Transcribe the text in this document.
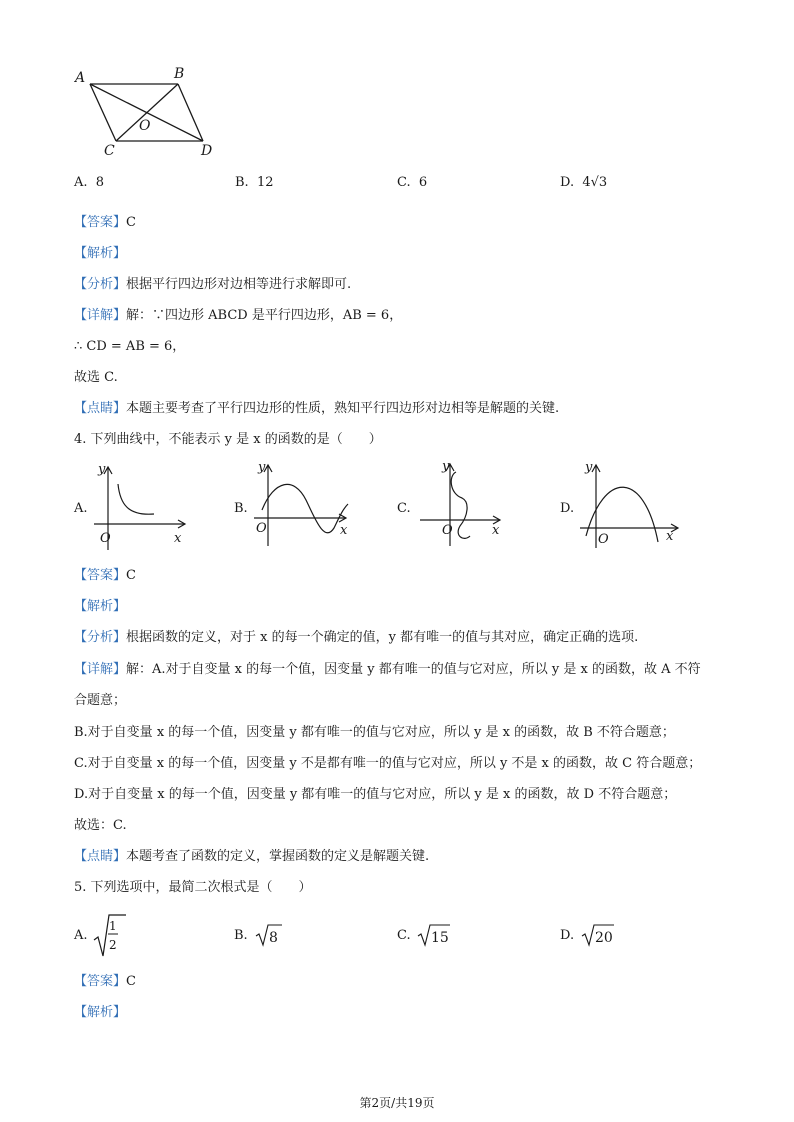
A	B
O
C	D
A. 8	B. 12	C. 6	D. 4√3
【答案】C
【解析】
【分析】根据平行四边形对边相等进行求解即可.
【详解】解：∵四边形 ABCD 是平行四边形，AB = 6，
∴ CD = AB = 6，
故选 C.
【点睛】本题主要考查了平行四边形的性质，熟知平行四边形对边相等是解题的关键.
4. 下列曲线中，不能表示 y 是 x 的函数的是（　　）
A.
y
O	x
B.
y
O	x
C.
y
O	x
D.
y
O	x
【答案】C
【解析】
【分析】根据函数的定义，对于 x 的每一个确定的值，y 都有唯一的值与其对应，确定正确的选项.
【详解】解：A.对于自变量 x 的每一个值，因变量 y 都有唯一的值与它对应，所以 y 是 x 的函数，故 A 不符
合题意；
B.对于自变量 x 的每一个值，因变量 y 都有唯一的值与它对应，所以 y 是 x 的函数，故 B 不符合题意；
C.对于自变量 x 的每一个值，因变量 y 不是都有唯一的值与它对应，所以 y 不是 x 的函数，故 C 符合题意；
D.对于自变量 x 的每一个值，因变量 y 都有唯一的值与它对应，所以 y 是 x 的函数，故 D 不符合题意；
故选：C.
【点睛】本题考查了函数的定义，掌握函数的定义是解题关键.
5. 下列选项中，最简二次根式是（　　）
A.
1
2
B. 8	C. 15	D. 20
【答案】C
【解析】
第2页/共19页
